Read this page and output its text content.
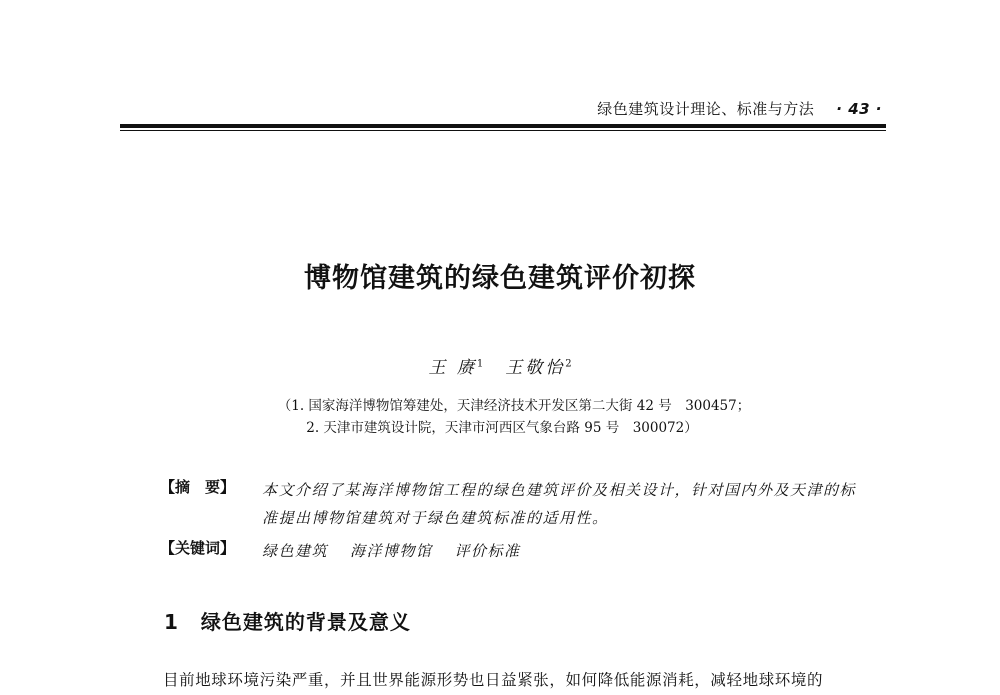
绿色建筑设计理论、标准与方法 · 43 ·
博物馆建筑的绿色建筑评价初探
王 赓$^1$ 王敬怡$^2$
（1. 国家海洋博物馆筹建处，天津经济技术开发区第二大街 42 号　300457；
2. 天津市建筑设计院，天津市河西区气象台路 95 号　300072）
【摘　要】 本文介绍了某海洋博物馆工程的绿色建筑评价及相关设计，针对国内外及天津的标准提出博物馆建筑对于绿色建筑标准的适用性。
【关键词】 绿色建筑 海洋博物馆 评价标准
1 绿色建筑的背景及意义
目前地球环境污染严重，并且世界能源形势也日益紧张，如何降低能源消耗，减轻地球环境的
